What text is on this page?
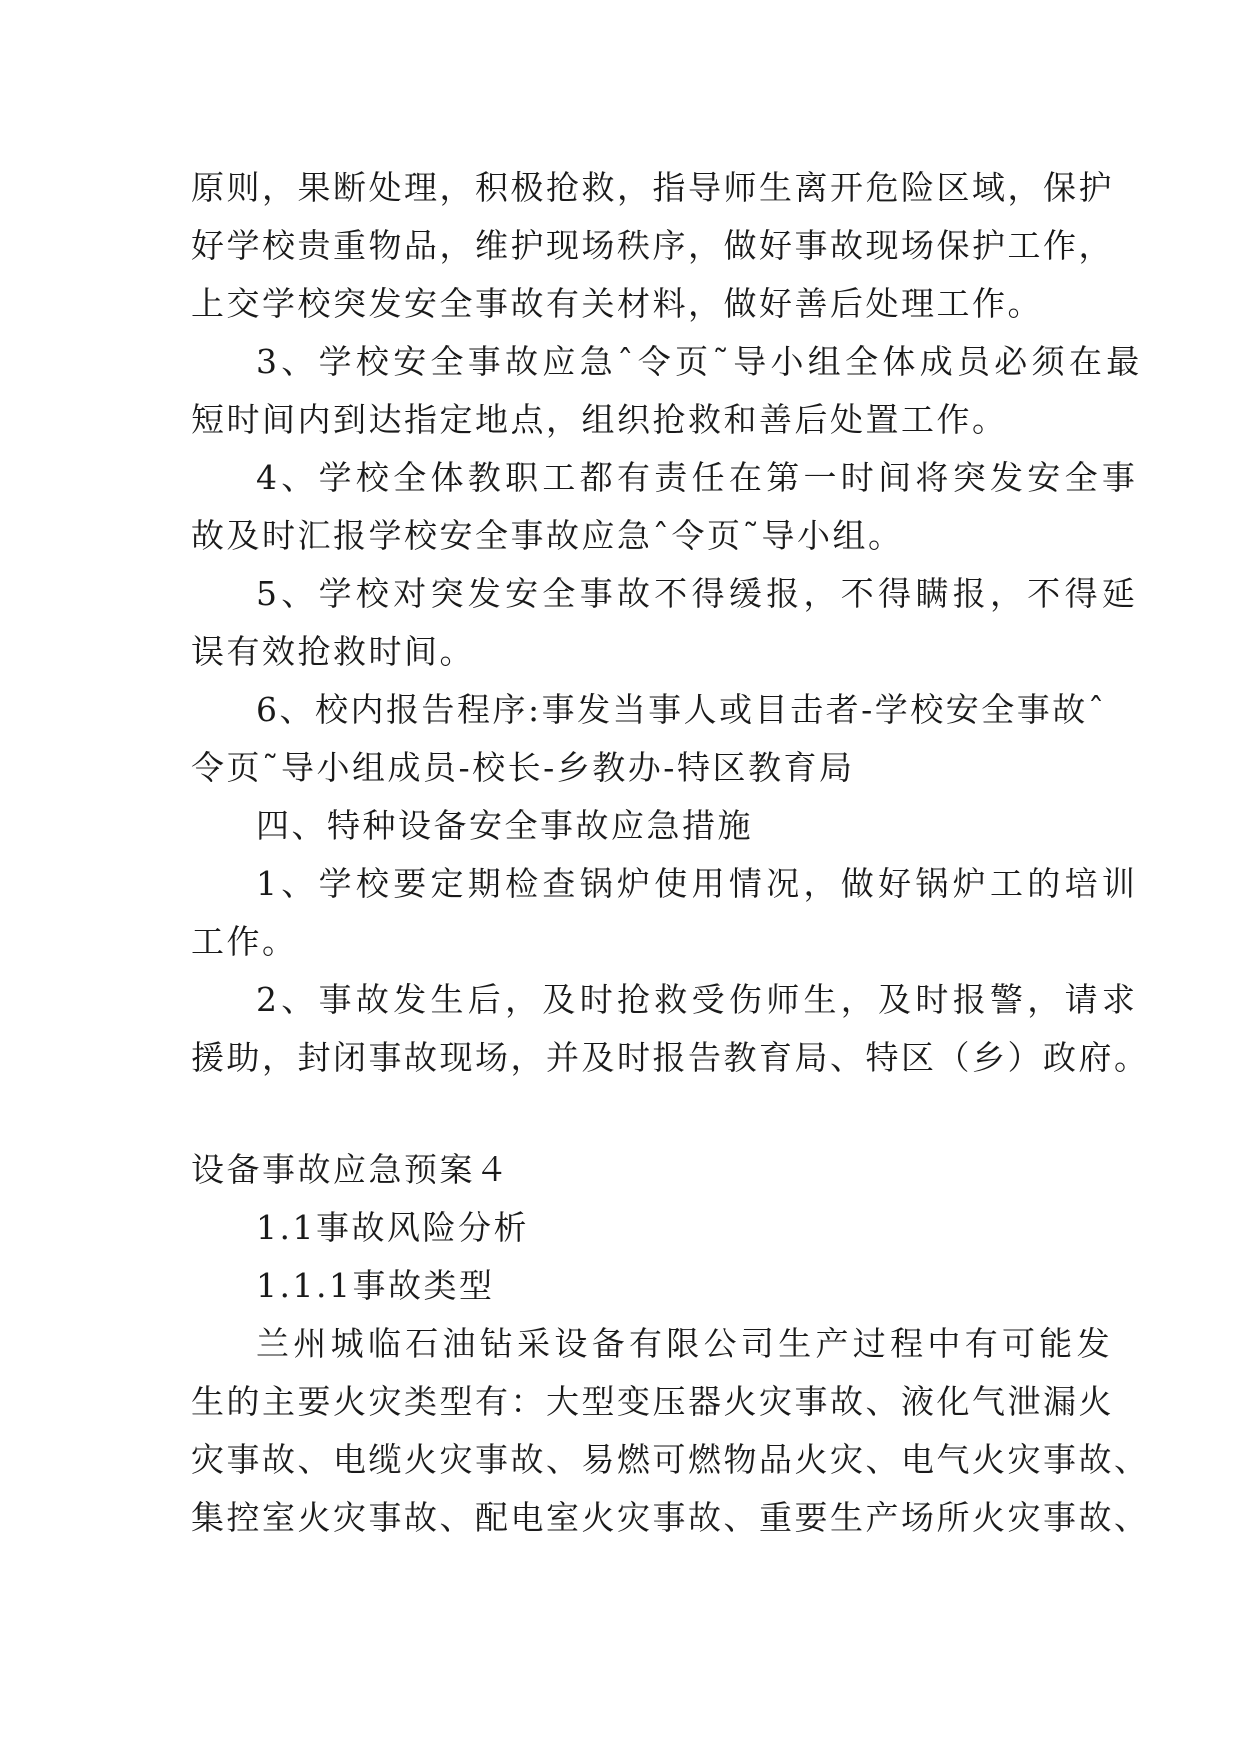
原则，果断处理，积极抢救，指导师生离开危险区域，保护
好学校贵重物品，维护现场秩序，做好事故现场保护工作，
上交学校突发安全事故有关材料，做好善后处理工作。
3、学校安全事故应急ˆ令页˜导小组全体成员必须在最
短时间内到达指定地点，组织抢救和善后处置工作。
4、学校全体教职工都有责任在第一时间将突发安全事
故及时汇报学校安全事故应急ˆ令页˜导小组。
5、学校对突发安全事故不得缓报，不得瞒报，不得延
误有效抢救时间。
6、校内报告程序:事发当事人或目击者-学校安全事故ˆ
令页˜导小组成员-校长-乡教办-特区教育局
四、特种设备安全事故应急措施
1、学校要定期检查锅炉使用情况，做好锅炉工的培训
工作。
2、事故发生后，及时抢救受伤师生，及时报警，请求
援助，封闭事故现场，并及时报告教育局、特区（乡）政府。
设备事故应急预案４
1.1事故风险分析
1.1.1事故类型
兰州城临石油钻采设备有限公司生产过程中有可能发
生的主要火灾类型有：大型变压器火灾事故、液化气泄漏火
灾事故、电缆火灾事故、易燃可燃物品火灾、电气火灾事故、
集控室火灾事故、配电室火灾事故、重要生产场所火灾事故、
